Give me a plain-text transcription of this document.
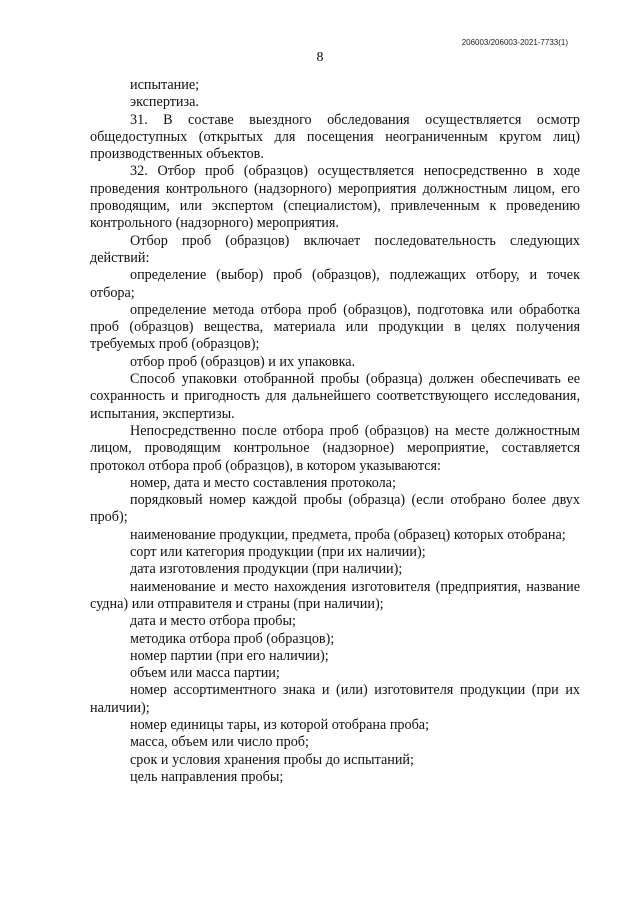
206003/206003-2021-7733(1)
8

испытание;

экспертиза.

31. В составе выездного обследования осуществляется осмотр общедоступных (открытых для посещения неограниченным кругом лиц) производственных объектов.

32. Отбор проб (образцов) осуществляется непосредственно в ходе проведения контрольного (надзорного) мероприятия должностным лицом, его проводящим, или экспертом (специалистом), привлеченным к проведению контрольного (надзорного) мероприятия.

Отбор проб (образцов) включает последовательность следующих действий:

определение (выбор) проб (образцов), подлежащих отбору, и точек отбора;

определение метода отбора проб (образцов), подготовка или обработка проб (образцов) вещества, материала или продукции в целях получения требуемых проб (образцов);

отбор проб (образцов) и их упаковка.

Способ упаковки отобранной пробы (образца) должен обеспечивать ее сохранность и пригодность для дальнейшего соответствующего исследования, испытания, экспертизы.

Непосредственно после отбора проб (образцов) на месте должностным лицом, проводящим контрольное (надзорное) мероприятие, составляется протокол отбора проб (образцов), в котором указываются:

номер, дата и место составления протокола;

порядковый номер каждой пробы (образца) (если отобрано более двух проб);

наименование продукции, предмета, проба (образец) которых отобрана;

сорт или категория продукции (при их наличии);

дата изготовления продукции (при наличии);

наименование и место нахождения изготовителя (предприятия, название судна) или отправителя и страны (при наличии);

дата и место отбора пробы;

методика отбора проб (образцов);

номер партии (при его наличии);

объем или масса партии;

номер ассортиментного знака и (или) изготовителя продукции (при их наличии);

номер единицы тары, из которой отобрана проба;

масса, объем или число проб;

срок и условия хранения пробы до испытаний;

цель направления пробы;
